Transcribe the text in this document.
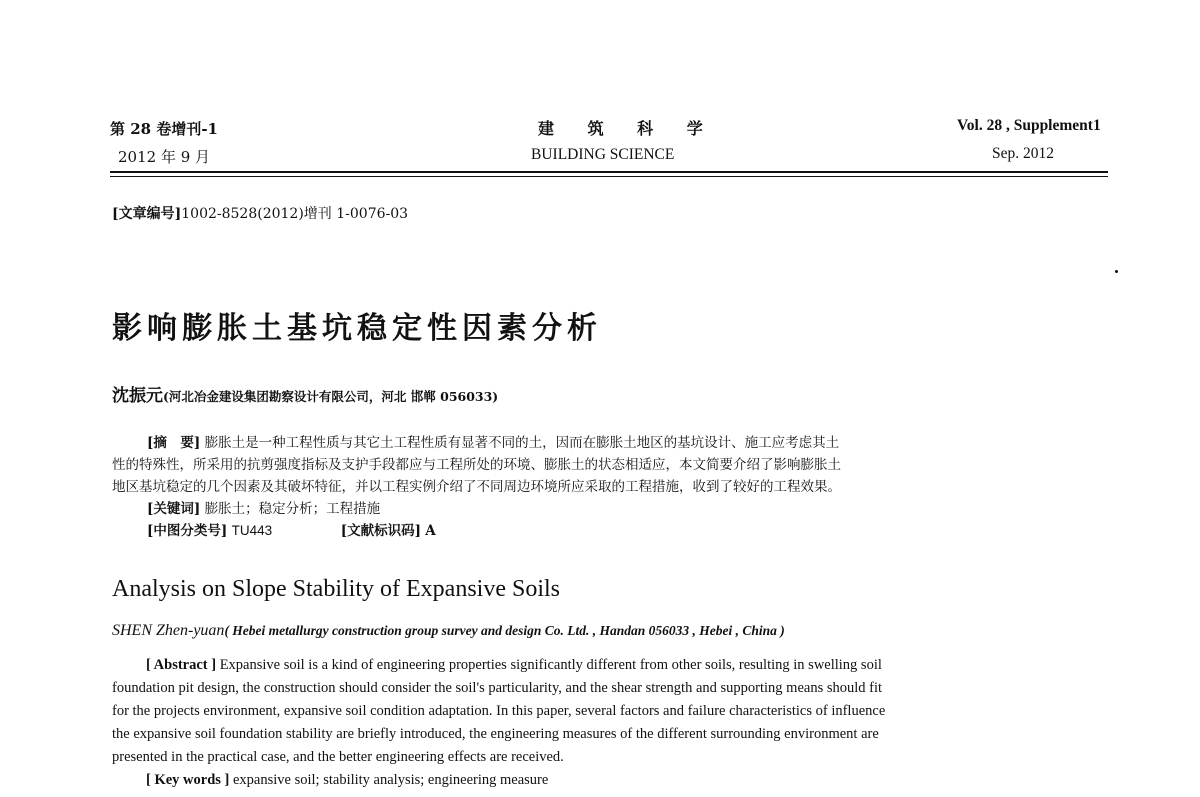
第 28 卷增刊-1
2012 年 9 月
建 筑 科 学
BUILDING SCIENCE
Vol. 28 , Supplement1
Sep. 2012
[文章编号]1002-8528(2012)增刊 1-0076-03
影响膨胀土基坑稳定性因素分析
沈振元(河北冶金建设集团勘察设计有限公司，河北 邯郸 056033)
[摘　要] 膨胀土是一种工程性质与其它土工程性质有显著不同的土，因而在膨胀土地区的基坑设计、施工应考虑其土
性的特殊性，所采用的抗剪强度指标及支护手段都应与工程所处的环境、膨胀土的状态相适应，本文简要介绍了影响膨胀土
地区基坑稳定的几个因素及其破坏特征，并以工程实例介绍了不同周边环境所应采取的工程措施，收到了较好的工程效果。
[关键词] 膨胀土；稳定分析；工程措施
[中图分类号] TU443	[文献标识码] A
Analysis on Slope Stability of Expansive Soils
SHEN Zhen-yuan( Hebei metallurgy construction group survey and design Co. Ltd. , Handan 056033 , Hebei , China )
[ Abstract ] Expansive soil is a kind of engineering properties significantly different from other soils, resulting in swelling soil
foundation pit design, the construction should consider the soil's particularity, and the shear strength and supporting means should fit
for the projects environment, expansive soil condition adaptation. In this paper, several factors and failure characteristics of influence
the expansive soil foundation stability are briefly introduced, the engineering measures of the different surrounding environment are
presented in the practical case, and the better engineering effects are received.
[ Key words ] expansive soil; stability analysis; engineering measure
